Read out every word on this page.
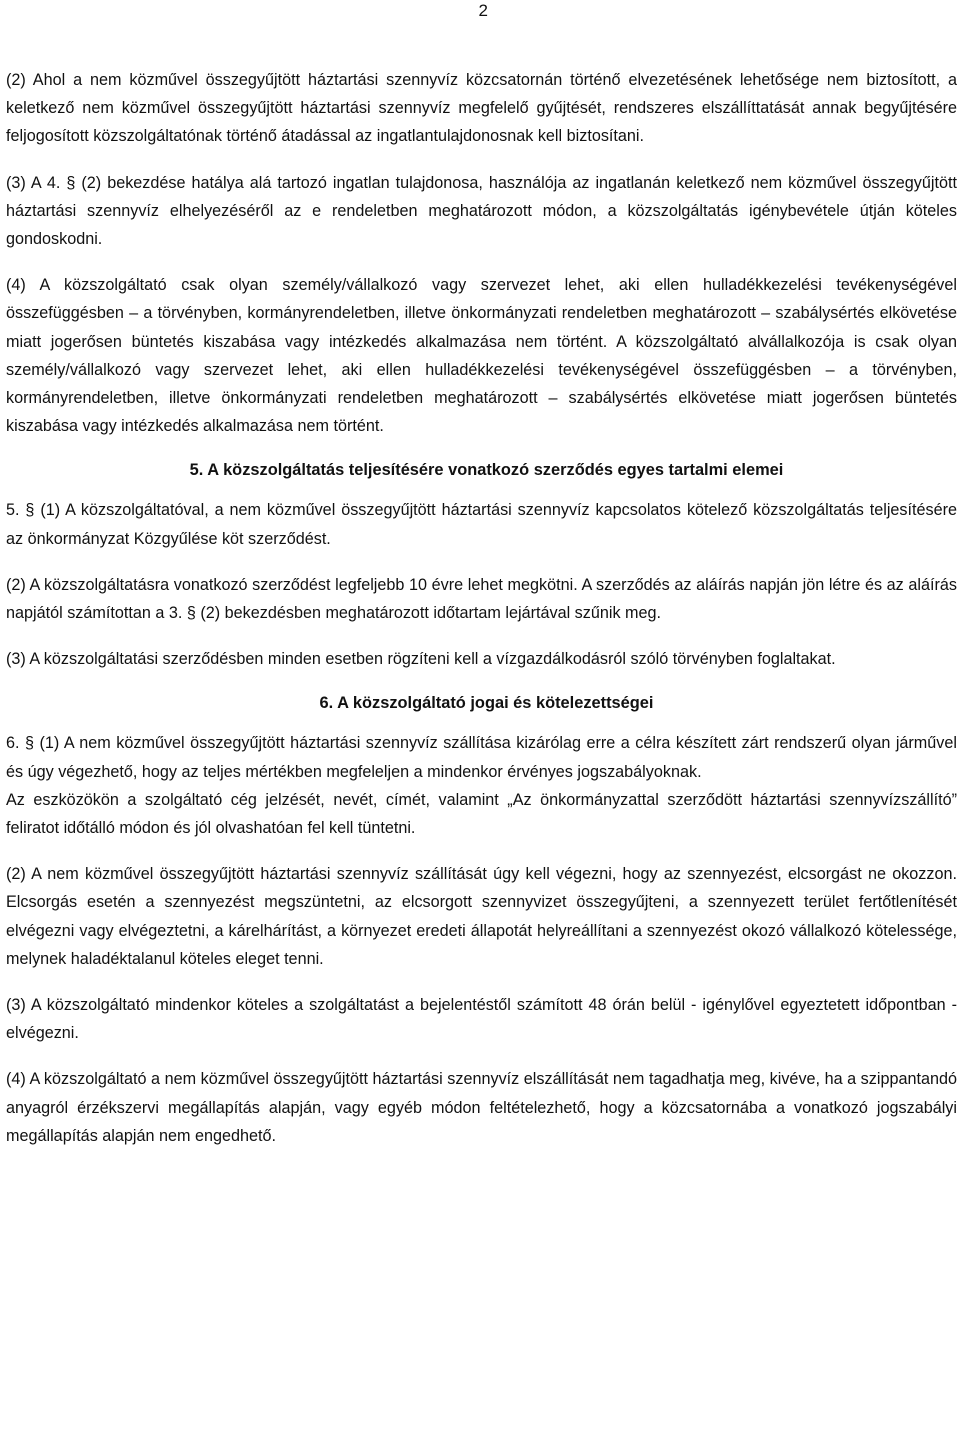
2

(2) Ahol a nem közművel összegyűjtött háztartási szennyvíz közcsatornán történő elvezetésének lehetősége nem biztosított, a keletkező nem közművel összegyűjtött háztartási szennyvíz megfelelő gyűjtését, rendszeres elszállíttatását annak begyűjtésére feljogosított közszolgáltatónak történő átadással az ingatlantulajdonosnak kell biztosítani.

(3) A 4. § (2) bekezdése hatálya alá tartozó ingatlan tulajdonosa, használója az ingatlanán keletkező nem közművel összegyűjtött háztartási szennyvíz elhelyezéséről az e rendeletben meghatározott módon, a közszolgáltatás igénybevétele útján köteles gondoskodni.

(4) A közszolgáltató csak olyan személy/vállalkozó vagy szervezet lehet, aki ellen hulladékkezelési tevékenységével összefüggésben – a törvényben, kormányrendeletben, illetve önkormányzati rendeletben meghatározott – szabálysértés elkövetése miatt jogerősen büntetés kiszabása vagy intézkedés alkalmazása nem történt. A közszolgáltató alvállalkozója is csak olyan személy/vállalkozó vagy szervezet lehet, aki ellen hulladékkezelési tevékenységével összefüggésben – a törvényben, kormányrendeletben, illetve önkormányzati rendeletben meghatározott – szabálysértés elkövetése miatt jogerősen büntetés kiszabása vagy intézkedés alkalmazása nem történt.

5. A közszolgáltatás teljesítésére vonatkozó szerződés egyes tartalmi elemei

5. § (1) A közszolgáltatóval, a nem közművel összegyűjtött háztartási szennyvíz kapcsolatos kötelező közszolgáltatás teljesítésére az önkormányzat Közgyűlése köt szerződést.

(2) A közszolgáltatásra vonatkozó szerződést legfeljebb 10 évre lehet megkötni. A szerződés az aláírás napján jön létre és az aláírás napjától számítottan a 3. § (2) bekezdésben meghatározott időtartam lejártával szűnik meg.

(3) A közszolgáltatási szerződésben minden esetben rögzíteni kell a vízgazdálkodásról szóló törvényben foglaltakat.

6. A közszolgáltató jogai és kötelezettségei

6. § (1) A nem közművel összegyűjtött háztartási szennyvíz szállítása kizárólag erre a célra készített zárt rendszerű olyan járművel és úgy végezhető, hogy az teljes mértékben megfeleljen a mindenkor érvényes jogszabályoknak.

Az eszközökön a szolgáltató cég jelzését, nevét, címét, valamint „Az önkormányzattal szerződött háztartási szennyvízszállító” feliratot időtálló módon és jól olvashatóan fel kell tüntetni.

(2) A nem közművel összegyűjtött háztartási szennyvíz szállítását úgy kell végezni, hogy az szennyezést, elcsorgást ne okozzon. Elcsorgás esetén a szennyezést megszüntetni, az elcsorgott szennyvizet összegyűjteni, a szennyezett terület fertőtlenítését elvégezni vagy elvégeztetni, a kárelhárítást, a környezet eredeti állapotát helyreállítani a szennyezést okozó vállalkozó kötelessége, melynek haladéktalanul köteles eleget tenni.

(3) A közszolgáltató mindenkor köteles a szolgáltatást a bejelentéstől számított 48 órán belül - igénylővel egyeztetett időpontban - elvégezni.

(4) A közszolgáltató a nem közművel összegyűjtött háztartási szennyvíz elszállítását nem tagadhatja meg, kivéve, ha a szippantandó anyagról érzékszervi megállapítás alapján, vagy egyéb módon feltételezhető, hogy a közcsatornába a vonatkozó jogszabályi megállapítás alapján nem engedhető.
